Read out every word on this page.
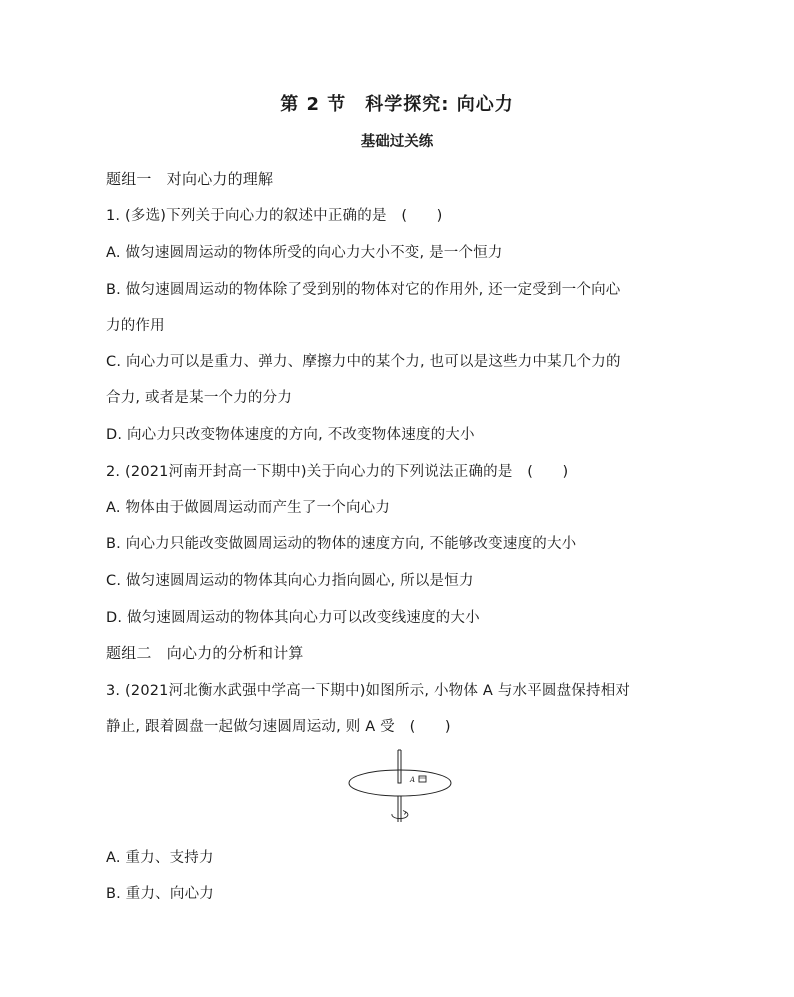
第 2 节　科学探究: 向心力
基础过关练
题组一　对向心力的理解
1. (多选)下列关于向心力的叙述中正确的是　(　　)
A. 做匀速圆周运动的物体所受的向心力大小不变, 是一个恒力
B. 做匀速圆周运动的物体除了受到别的物体对它的作用外, 还一定受到一个向心
力的作用
C. 向心力可以是重力、弹力、摩擦力中的某个力, 也可以是这些力中某几个力的
合力, 或者是某一个力的分力
D. 向心力只改变物体速度的方向, 不改变物体速度的大小
2. (2021河南开封高一下期中)关于向心力的下列说法正确的是　(　　)
A. 物体由于做圆周运动而产生了一个向心力
B. 向心力只能改变做圆周运动的物体的速度方向, 不能够改变速度的大小
C. 做匀速圆周运动的物体其向心力指向圆心, 所以是恒力
D. 做匀速圆周运动的物体其向心力可以改变线速度的大小
题组二　向心力的分析和计算
3. (2021河北衡水武强中学高一下期中)如图所示, 小物体 A 与水平圆盘保持相对
静止, 跟着圆盘一起做匀速圆周运动, 则 A 受　(　　)
A
A. 重力、支持力
B. 重力、向心力
